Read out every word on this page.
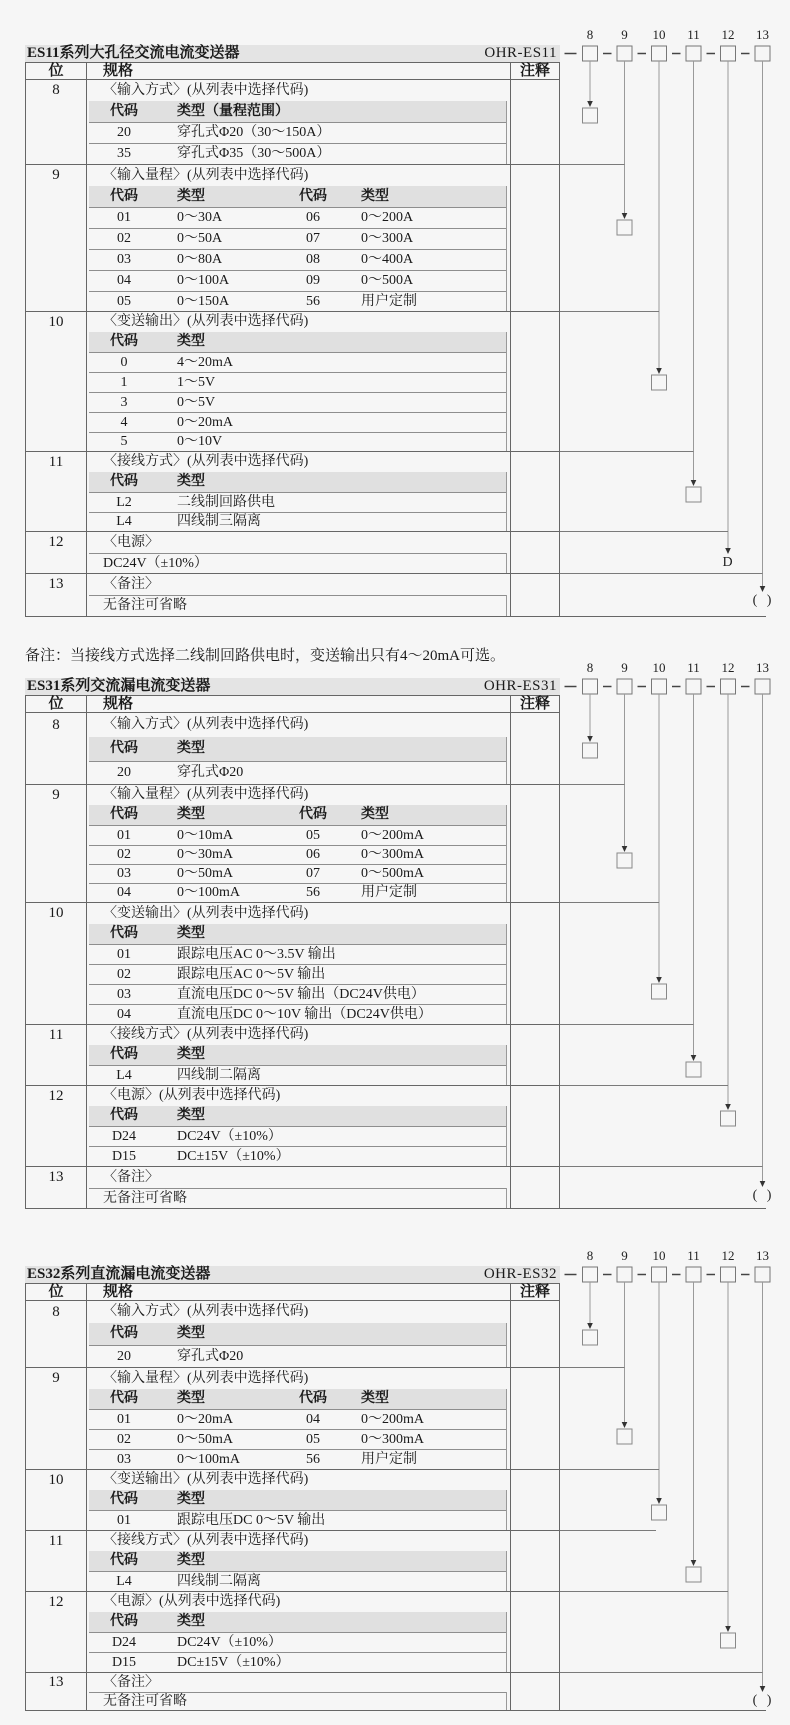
8 9 10 11 12
D
13
( )
8 9 10 11 12 13
( )
8 9 10 11 12 13
( )

备注：当接线方式选择二线制回路供电时，变送输出只有4～20mA可选。

ES11系列大孔径交流电流变送器	OHR-ES11
位	规格	注释
8	〈输入方式〉(从列表中选择代码)
代码	类型（量程范围）
20	穿孔式Φ20（30～150A）
35	穿孔式Φ35（30～500A）
9	〈输入量程〉(从列表中选择代码)
代码	类型	代码	类型
01	0～30A	06	0～200A
02	0～50A	07	0～300A
03	0～80A	08	0～400A
04	0～100A	09	0～500A
05	0～150A	56	用户定制
10	〈变送输出〉(从列表中选择代码)
代码	类型
0	4～20mA
1	1～5V
3	0～5V
4	0～20mA
5	0～10V
11	〈接线方式〉(从列表中选择代码)
代码	类型
L2	二线制回路供电
L4	四线制三隔离
12	〈电源〉
DC24V（±10%）
13	〈备注〉
无备注可省略
ES31系列交流漏电流变送器	OHR-ES31
位	规格	注释
8	〈输入方式〉(从列表中选择代码)
代码	类型
20	穿孔式Φ20
9	〈输入量程〉(从列表中选择代码)
代码	类型	代码	类型
01	0～10mA	05	0～200mA
02	0～30mA	06	0～300mA
03	0～50mA	07	0～500mA
04	0～100mA	56	用户定制
10	〈变送输出〉(从列表中选择代码)
代码	类型
01	跟踪电压AC 0～3.5V 输出
02	跟踪电压AC 0～5V 输出
03	直流电压DC 0～5V 输出（DC24V供电）
04	直流电压DC 0～10V 输出（DC24V供电）
11	〈接线方式〉(从列表中选择代码)
代码	类型
L4	四线制二隔离
12	〈电源〉(从列表中选择代码)
代码	类型
D24	DC24V（±10%）
D15	DC±15V（±10%）
13	〈备注〉
无备注可省略
ES32系列直流漏电流变送器	OHR-ES32
位	规格	注释
8	〈输入方式〉(从列表中选择代码)
代码	类型
20	穿孔式Φ20
9	〈输入量程〉(从列表中选择代码)
代码	类型	代码	类型
01	0～20mA	04	0～200mA
02	0～50mA	05	0～300mA
03	0～100mA	56	用户定制
10	〈变送输出〉(从列表中选择代码)
代码	类型
01	跟踪电压DC 0～5V 输出
11	〈接线方式〉(从列表中选择代码)
代码	类型
L4	四线制二隔离
12	〈电源〉(从列表中选择代码)
代码	类型
D24	DC24V（±10%）
D15	DC±15V（±10%）
13	〈备注〉
无备注可省略
